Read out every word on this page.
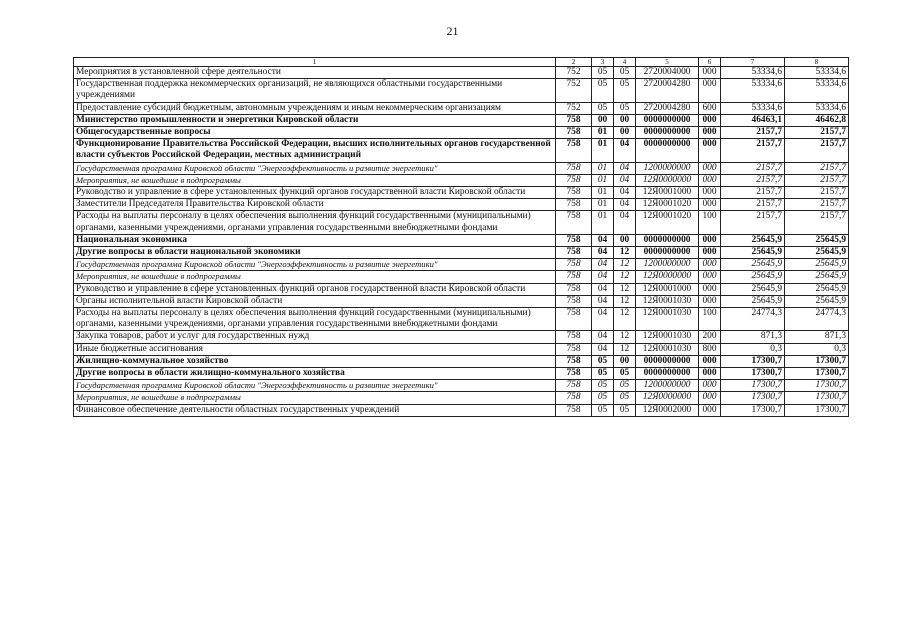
21
1	2	3	4	5	6	7	8
Мероприятия в установленной сфере деятельности	752	05	05	2720004000	000	53334,6	53334,6
Государственная поддержка некоммерческих организаций, не являющихся областными государственными учреждениями	752	05	05	2720004280	000	53334,6	53334,6
Предоставление субсидий бюджетным, автономным учреждениям и иным некоммерческим организациям	752	05	05	2720004280	600	53334,6	53334,6
Министерство промышленности и энергетики Кировской области	758	00	00	0000000000	000	46463,1	46462,8
Общегосударственные вопросы	758	01	00	0000000000	000	2157,7	2157,7
Функционирование Правительства Российской Федерации, высших исполнительных органов государственной власти субъектов Российской Федерации, местных администраций	758	01	04	0000000000	000	2157,7	2157,7
Государственная программа Кировской области "Энергоэффективность и развитие энергетики"	758	01	04	1200000000	000	2157,7	2157,7
Мероприятия, не вошедшие в подпрограммы	758	01	04	12Я0000000	000	2157,7	2157,7
Руководство и управление в сфере установленных функций органов государственной власти Кировской области	758	01	04	12Я0001000	000	2157,7	2157,7
Заместители Председателя Правительства Кировской области	758	01	04	12Я0001020	000	2157,7	2157,7
Расходы на выплаты персоналу в целях обеспечения выполнения функций государственными (муниципальными) органами, казенными учреждениями, органами управления государственными внебюджетными фондами	758	01	04	12Я0001020	100	2157,7	2157,7
Национальная экономика	758	04	00	0000000000	000	25645,9	25645,9
Другие вопросы в области национальной экономики	758	04	12	0000000000	000	25645,9	25645,9
Государственная программа Кировской области "Энергоэффективность и развитие энергетики"	758	04	12	1200000000	000	25645,9	25645,9
Мероприятия, не вошедшие в подпрограммы	758	04	12	12Я0000000	000	25645,9	25645,9
Руководство и управление в сфере установленных функций органов государственной власти Кировской области	758	04	12	12Я0001000	000	25645,9	25645,9
Органы исполнительной власти Кировской области	758	04	12	12Я0001030	000	25645,9	25645,9
Расходы на выплаты персоналу в целях обеспечения выполнения функций государственными (муниципальными) органами, казенными учреждениями, органами управления государственными внебюджетными фондами	758	04	12	12Я0001030	100	24774,3	24774,3
Закупка товаров, работ и услуг для государственных нужд	758	04	12	12Я0001030	200	871,3	871,3
Иные бюджетные ассигнования	758	04	12	12Я0001030	800	0,3	0,3
Жилищно-коммунальное хозяйство	758	05	00	0000000000	000	17300,7	17300,7
Другие вопросы в области жилищно-коммунального хозяйства	758	05	05	0000000000	000	17300,7	17300,7
Государственная программа Кировской области "Энергоэффективность и развитие энергетики"	758	05	05	1200000000	000	17300,7	17300,7
Мероприятия, не вошедшие в подпрограммы	758	05	05	12Я0000000	000	17300,7	17300,7
Финансовое обеспечение деятельности областных государственных учреждений	758	05	05	12Я0002000	000	17300,7	17300,7
